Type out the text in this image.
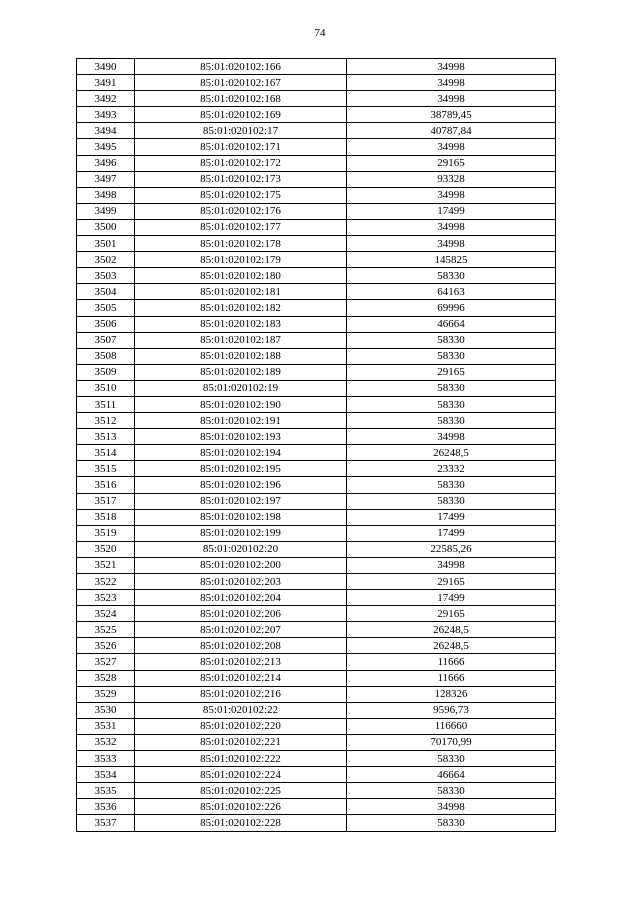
74
3490	85:01:020102:166	34998
3491	85:01:020102:167	34998
3492	85:01:020102:168	34998
3493	85:01:020102:169	38789,45
3494	85:01:020102:17	40787,84
3495	85:01:020102:171	34998
3496	85:01:020102:172	29165
3497	85:01:020102:173	93328
3498	85:01:020102:175	34998
3499	85:01:020102:176	17499
3500	85:01:020102:177	34998
3501	85:01:020102:178	34998
3502	85:01:020102:179	145825
3503	85:01:020102:180	58330
3504	85:01:020102:181	64163
3505	85:01:020102:182	69996
3506	85:01:020102:183	46664
3507	85:01:020102:187	58330
3508	85:01:020102:188	58330
3509	85:01:020102:189	29165
3510	85:01:020102:19	58330
3511	85:01:020102:190	58330
3512	85:01:020102:191	58330
3513	85:01:020102:193	34998
3514	85:01:020102:194	26248,5
3515	85:01:020102:195	23332
3516	85:01:020102:196	58330
3517	85:01:020102:197	58330
3518	85:01:020102:198	17499
3519	85:01:020102:199	17499
3520	85:01:020102:20	22585,26
3521	85:01:020102:200	34998
3522	85:01:020102:203	29165
3523	85:01:020102:204	17499
3524	85:01:020102:206	29165
3525	85:01:020102:207	26248,5
3526	85:01:020102:208	26248,5
3527	85:01:020102:213	11666
3528	85:01:020102:214	11666
3529	85:01:020102:216	128326
3530	85:01:020102:22	9596,73
3531	85:01:020102:220	116660
3532	85:01:020102:221	70170,99
3533	85:01:020102:222	58330
3534	85:01:020102:224	46664
3535	85:01:020102:225	58330
3536	85:01:020102:226	34998
3537	85:01:020102:228	58330
